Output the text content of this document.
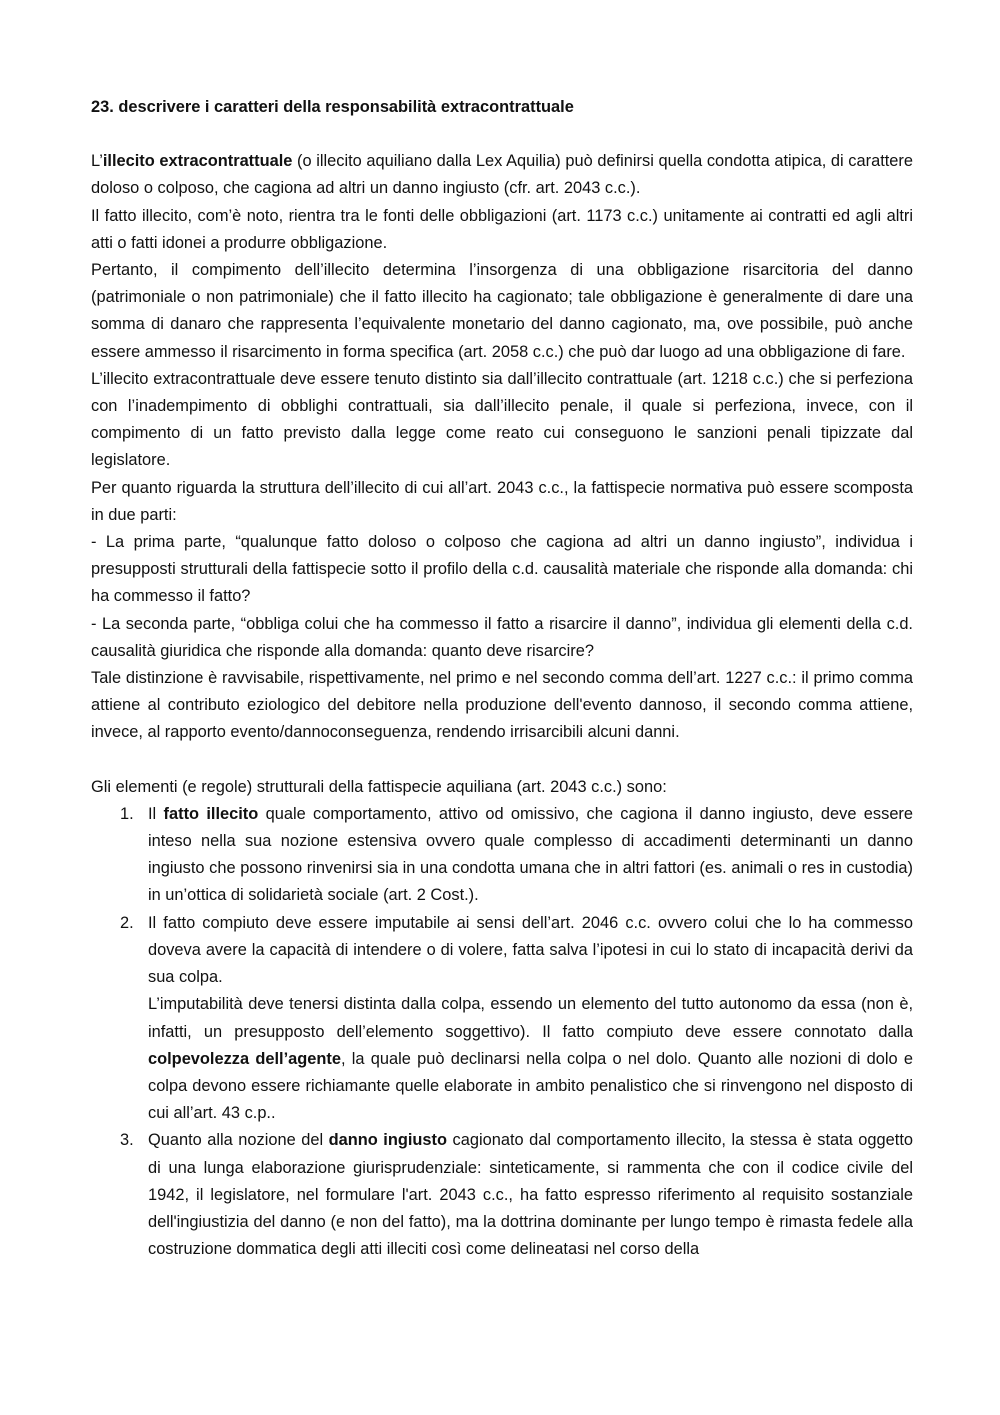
23. descrivere i caratteri della responsabilità extracontrattuale

L’illecito extracontrattuale (o illecito aquiliano dalla Lex Aquilia) può definirsi quella condotta atipica, di carattere doloso o colposo, che cagiona ad altri un danno ingiusto (cfr. art. 2043 c.c.).

Il fatto illecito, com’è noto, rientra tra le fonti delle obbligazioni (art. 1173 c.c.) unitamente ai contratti ed agli altri atti o fatti idonei a produrre obbligazione.

Pertanto, il compimento dell’illecito determina l’insorgenza di una obbligazione risarcitoria del danno (patrimoniale o non patrimoniale) che il fatto illecito ha cagionato; tale obbligazione è generalmente di dare una somma di danaro che rappresenta l’equivalente monetario del danno cagionato, ma, ove possibile, può anche essere ammesso il risarcimento in forma specifica (art. 2058 c.c.) che può dar luogo ad una obbligazione di fare.

L’illecito extracontrattuale deve essere tenuto distinto sia dall’illecito contrattuale (art. 1218 c.c.) che si perfeziona con l’inadempimento di obblighi contrattuali, sia dall’illecito penale, il quale si perfeziona, invece, con il compimento di un fatto previsto dalla legge come reato cui conseguono le sanzioni penali tipizzate dal legislatore.

Per quanto riguarda la struttura dell’illecito di cui all’art. 2043 c.c., la fattispecie normativa può essere scomposta in due parti:

- La prima parte, “qualunque fatto doloso o colposo che cagiona ad altri un danno ingiusto”, individua i presupposti strutturali della fattispecie sotto il profilo della c.d. causalità materiale che risponde alla domanda: chi ha commesso il fatto?

- La seconda parte, “obbliga colui che ha commesso il fatto a risarcire il danno”, individua gli elementi della c.d. causalità giuridica che risponde alla domanda: quanto deve risarcire?

Tale distinzione è ravvisabile, rispettivamente, nel primo e nel secondo comma dell’art. 1227 c.c.: il primo comma attiene al contributo eziologico del debitore nella produzione dell'evento dannoso, il secondo comma attiene, invece, al rapporto evento/dannoconseguenza, rendendo irrisarcibili alcuni danni.

Gli elementi (e regole) strutturali della fattispecie aquiliana (art. 2043 c.c.) sono:

1. Il fatto illecito quale comportamento, attivo od omissivo, che cagiona il danno ingiusto, deve essere inteso nella sua nozione estensiva ovvero quale complesso di accadimenti determinanti un danno ingiusto che possono rinvenirsi sia in una condotta umana che in altri fattori (es. animali o res in custodia) in un’ottica di solidarietà sociale (art. 2 Cost.).

2. Il fatto compiuto deve essere imputabile ai sensi dell’art. 2046 c.c. ovvero colui che lo ha commesso doveva avere la capacità di intendere o di volere, fatta salva l’ipotesi in cui lo stato di incapacità derivi da sua colpa.

L’imputabilità deve tenersi distinta dalla colpa, essendo un elemento del tutto autonomo da essa (non è, infatti, un presupposto dell’elemento soggettivo). Il fatto compiuto deve essere connotato dalla colpevolezza dell’agente, la quale può declinarsi nella colpa o nel dolo. Quanto alle nozioni di dolo e colpa devono essere richiamante quelle elaborate in ambito penalistico che si rinvengono nel disposto di cui all’art. 43 c.p..

3. Quanto alla nozione del danno ingiusto cagionato dal comportamento illecito, la stessa è stata oggetto di una lunga elaborazione giurisprudenziale: sinteticamente, si rammenta che con il codice civile del 1942, il legislatore, nel formulare l'art. 2043 c.c., ha fatto espresso riferimento al requisito sostanziale dell'ingiustizia del danno (e non del fatto), ma la dottrina dominante per lungo tempo è rimasta fedele alla costruzione dommatica degli atti illeciti così come delineatasi nel corso della
